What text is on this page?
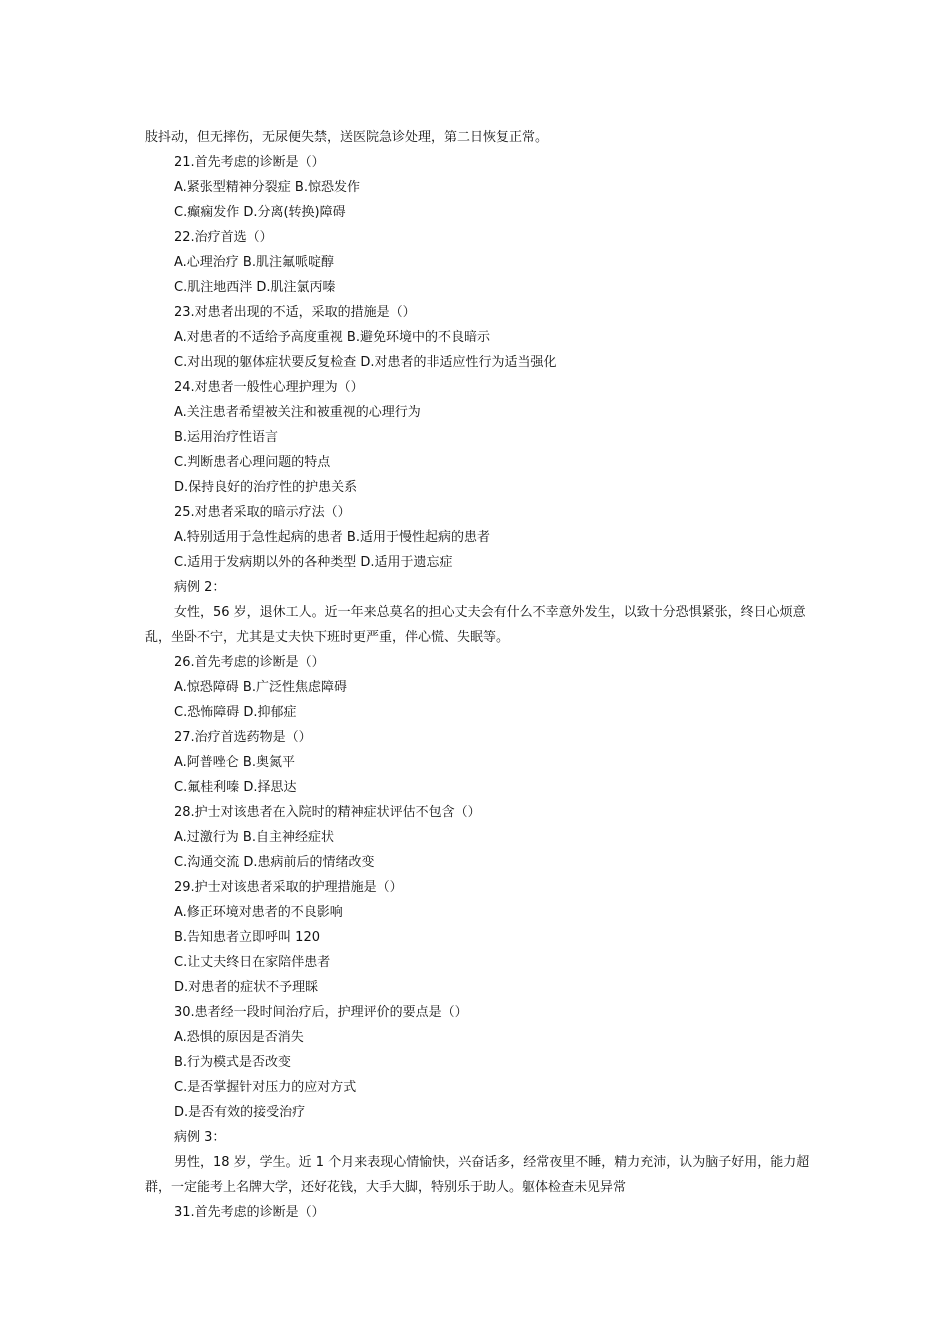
肢抖动，但无摔伤，无尿便失禁，送医院急诊处理，第二日恢复正常。
21.首先考虑的诊断是（）
A.紧张型精神分裂症 B.惊恐发作
C.癫痫发作 D.分离(转换)障碍
22.治疗首选（）
A.心理治疗 B.肌注氟哌啶醇
C.肌注地西泮 D.肌注氯丙嗪
23.对患者出现的不适，采取的措施是（）
A.对患者的不适给予高度重视 B.避免环境中的不良暗示
C.对出现的躯体症状要反复检查 D.对患者的非适应性行为适当强化
24.对患者一般性心理护理为（）
A.关注患者希望被关注和被重视的心理行为
B.运用治疗性语言
C.判断患者心理问题的特点
D.保持良好的治疗性的护患关系
25.对患者采取的暗示疗法（）
A.特别适用于急性起病的患者 B.适用于慢性起病的患者
C.适用于发病期以外的各种类型 D.适用于遗忘症
病例 2：
女性，56 岁，退休工人。近一年来总莫名的担心丈夫会有什么不幸意外发生，以致十分恐惧紧张，终日心烦意乱，坐卧不宁，尤其是丈夫快下班时更严重，伴心慌、失眠等。
26.首先考虑的诊断是（）
A.惊恐障碍 B.广泛性焦虑障碍
C.恐怖障碍 D.抑郁症
27.治疗首选药物是（）
A.阿普唑仑 B.奥氮平
C.氟桂利嗪 D.择思达
28.护士对该患者在入院时的精神症状评估不包含（）
A.过激行为 B.自主神经症状
C.沟通交流 D.患病前后的情绪改变
29.护士对该患者采取的护理措施是（）
A.修正环境对患者的不良影响
B.告知患者立即呼叫 120
C.让丈夫终日在家陪伴患者
D.对患者的症状不予理睬
30.患者经一段时间治疗后，护理评价的要点是（）
A.恐惧的原因是否消失
B.行为模式是否改变
C.是否掌握针对压力的应对方式
D.是否有效的接受治疗
病例 3：
男性，18 岁，学生。近 1 个月来表现心情愉快，兴奋话多，经常夜里不睡，精力充沛，认为脑子好用，能力超群，一定能考上名牌大学，还好花钱，大手大脚，特别乐于助人。躯体检查未见异常
31.首先考虑的诊断是（）
